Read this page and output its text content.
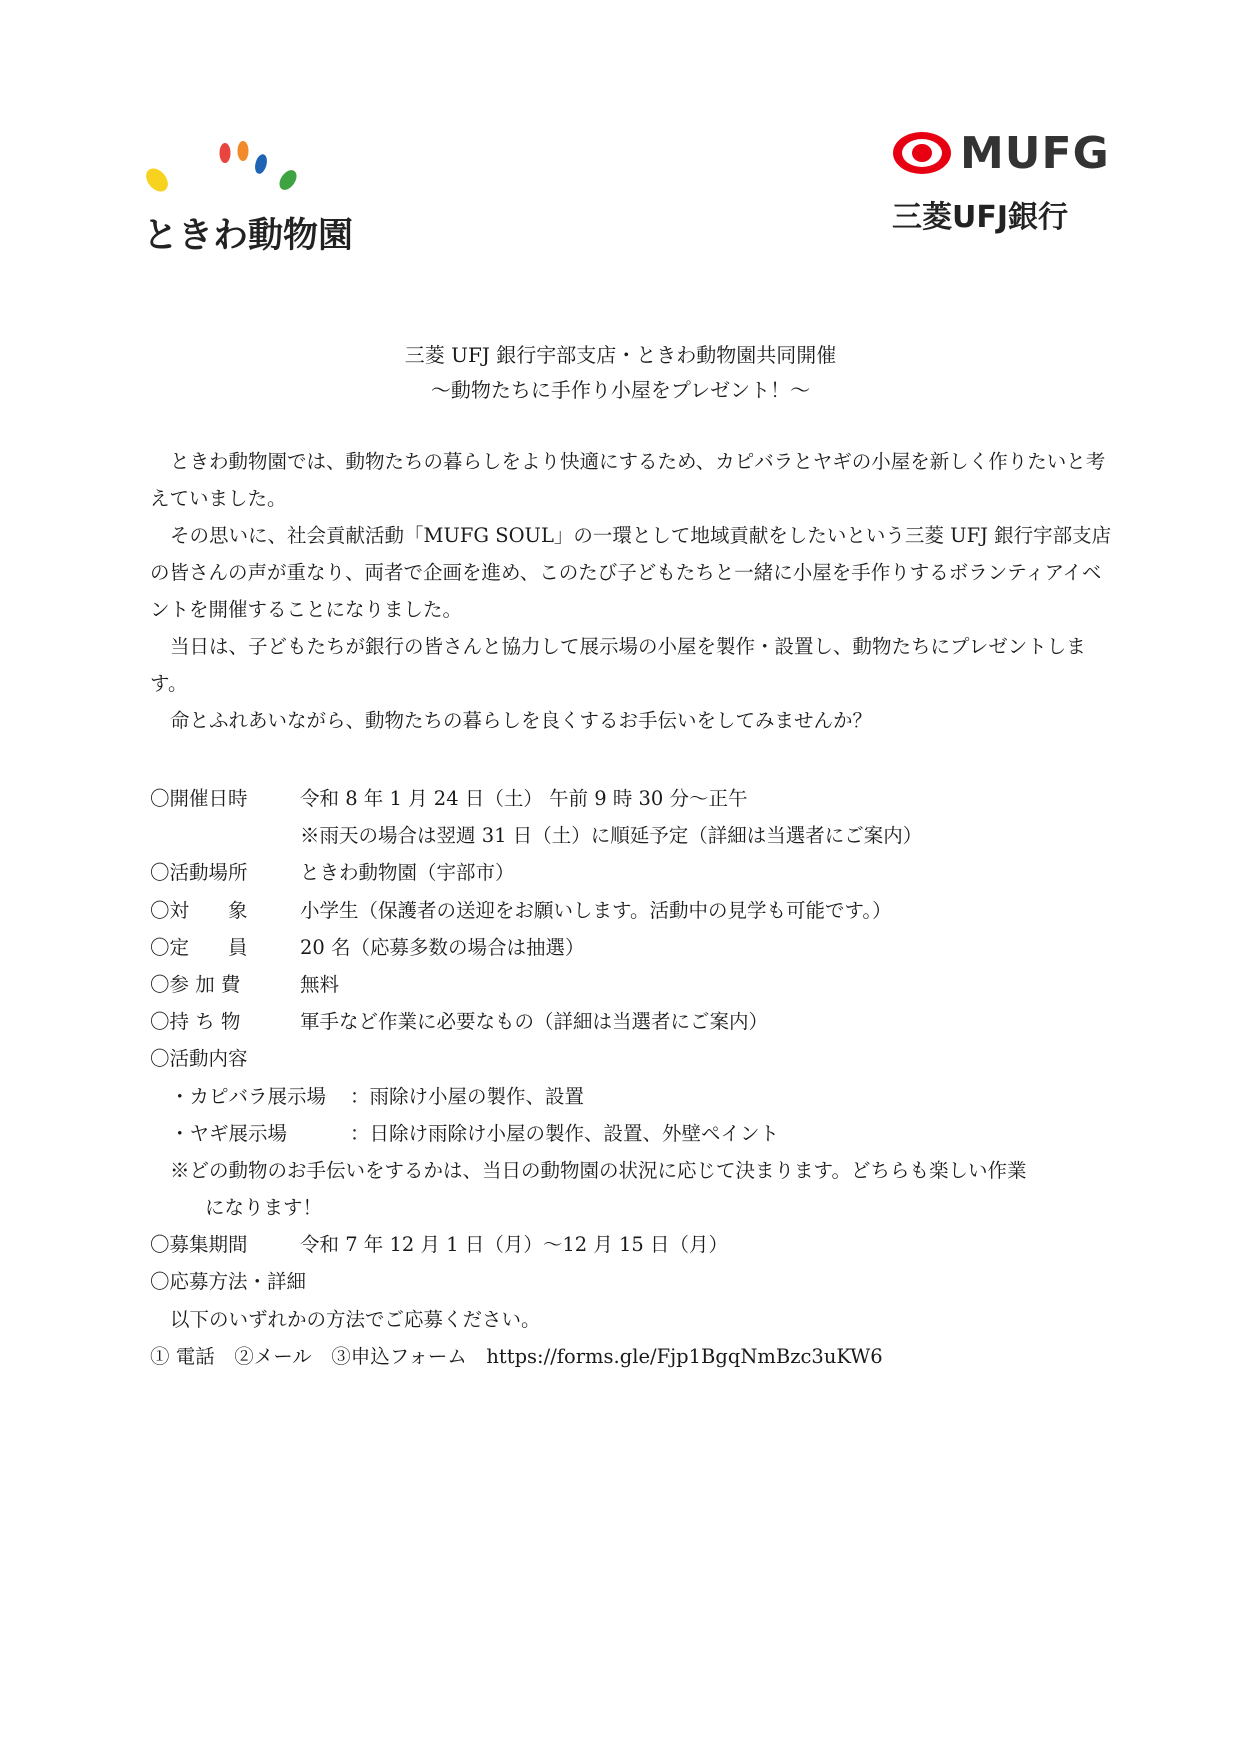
ときわ動物園
MUFG
三菱UFJ銀行
三菱 UFJ 銀行宇部支店・ときわ動物園共同開催
〜動物たちに手作り小屋をプレゼント！〜

ときわ動物園では、動物たちの暮らしをより快適にするため、カピバラとヤギの小屋を新しく作りたいと考えていました。

その思いに、社会貢献活動「MUFG SOUL」の一環として地域貢献をしたいという三菱 UFJ 銀行宇部支店の皆さんの声が重なり、両者で企画を進め、このたび子どもたちと一緒に小屋を手作りするボランティアイベントを開催することになりました。

当日は、子どもたちが銀行の皆さんと協力して展示場の小屋を製作・設置し、動物たちにプレゼントします。

命とふれあいながら、動物たちの暮らしを良くするお手伝いをしてみませんか？

〇開催日時	令和 8 年 1 月 24 日（土） 午前 9 時 30 分〜正午
※雨天の場合は翌週 31 日（土）に順延予定（詳細は当選者にご案内）
〇活動場所	ときわ動物園（宇部市）
〇対　　象	小学生（保護者の送迎をお願いします。活動中の見学も可能です。）
〇定　　員	20 名（応募多数の場合は抽選）
〇参 加 費	無料
〇持 ち 物	軍手など作業に必要なもの（詳細は当選者にご案内）
〇活動内容
・カピバラ展示場 ：雨除け小屋の製作、設置
・ヤギ展示場	：日除け雨除け小屋の製作、設置、外壁ペイント
※どの動物のお手伝いをするかは、当日の動物園の状況に応じて決まります。どちらも楽しい作業
になります！
〇募集期間	令和 7 年 12 月 1 日（月）〜12 月 15 日（月）
〇応募方法・詳細
以下のいずれかの方法でご応募ください。
① 電話　②メール　③申込フォーム　https://forms.gle/Fjp1BgqNmBzc3uKW6
